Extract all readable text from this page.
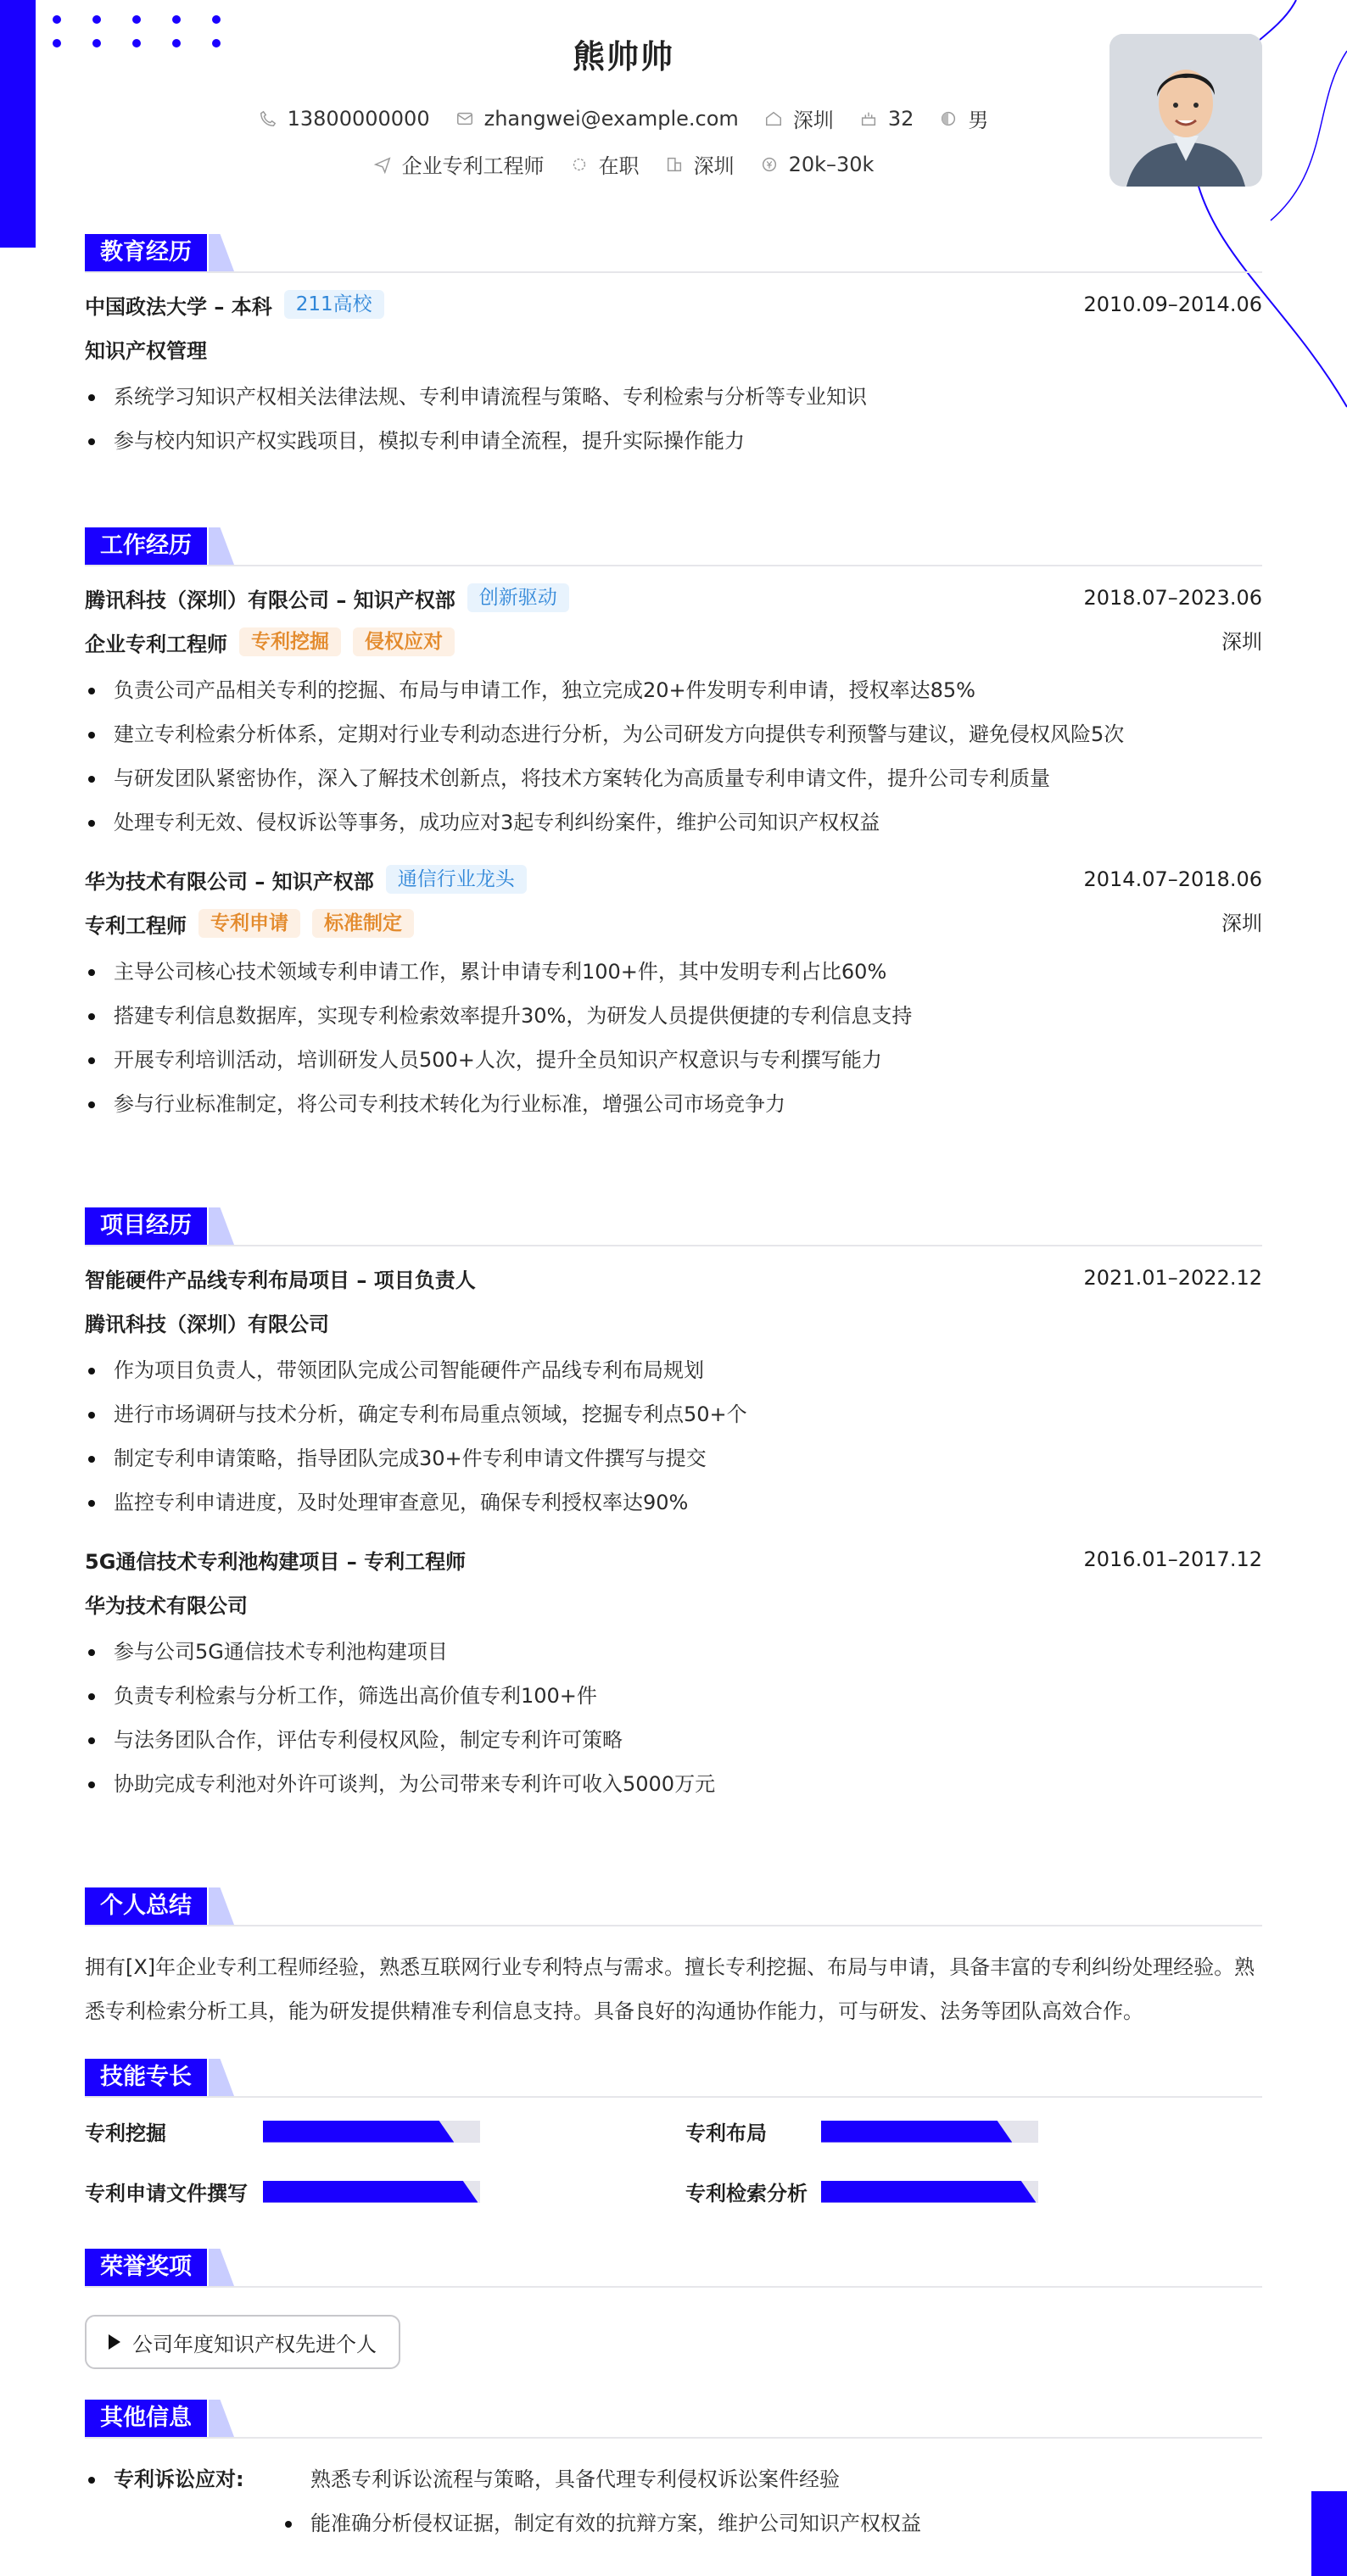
熊帅帅
13800000000	zhangwei@example.com	深圳	32	男
企业专利工程师	在职	深圳	20k–30k
教育经历
中国政法大学 – 本科	211高校	2010.09–2014.06
知识产权管理
系统学习知识产权相关法律法规、专利申请流程与策略、专利检索与分析等专业知识
参与校内知识产权实践项目，模拟专利申请全流程，提升实际操作能力
工作经历
腾讯科技（深圳）有限公司 – 知识产权部	创新驱动	2018.07–2023.06
企业专利工程师	专利挖掘	侵权应对	深圳
负责公司产品相关专利的挖掘、布局与申请工作，独立完成20+件发明专利申请，授权率达85%
建立专利检索分析体系，定期对行业专利动态进行分析，为公司研发方向提供专利预警与建议，避免侵权风险5次
与研发团队紧密协作，深入了解技术创新点，将技术方案转化为高质量专利申请文件，提升公司专利质量
处理专利无效、侵权诉讼等事务，成功应对3起专利纠纷案件，维护公司知识产权权益
华为技术有限公司 – 知识产权部	通信行业龙头	2014.07–2018.06
专利工程师	专利申请	标准制定	深圳
主导公司核心技术领域专利申请工作，累计申请专利100+件，其中发明专利占比60%
搭建专利信息数据库，实现专利检索效率提升30%，为研发人员提供便捷的专利信息支持
开展专利培训活动，培训研发人员500+人次，提升全员知识产权意识与专利撰写能力
参与行业标准制定，将公司专利技术转化为行业标准，增强公司市场竞争力
项目经历
智能硬件产品线专利布局项目 – 项目负责人	2021.01–2022.12
腾讯科技（深圳）有限公司
作为项目负责人，带领团队完成公司智能硬件产品线专利布局规划
进行市场调研与技术分析，确定专利布局重点领域，挖掘专利点50+个
制定专利申请策略，指导团队完成30+件专利申请文件撰写与提交
监控专利申请进度，及时处理审查意见，确保专利授权率达90%
5G通信技术专利池构建项目 – 专利工程师	2016.01–2017.12
华为技术有限公司
参与公司5G通信技术专利池构建项目
负责专利检索与分析工作，筛选出高价值专利100+件
与法务团队合作，评估专利侵权风险，制定专利许可策略
协助完成专利池对外许可谈判，为公司带来专利许可收入5000万元
个人总结
拥有[X]年企业专利工程师经验，熟悉互联网行业专利特点与需求。擅长专利挖掘、布局与申请，具备丰富的专利纠纷处理经验。熟悉专利检索分析工具，能为研发提供精准专利信息支持。具备良好的沟通协作能力，可与研发、法务等团队高效合作。
技能专长
专利挖掘	专利布局
专利申请文件撰写	专利检索分析
荣誉奖项
公司年度知识产权先进个人
其他信息
专利诉讼应对:	熟悉专利诉讼流程与策略，具备代理专利侵权诉讼案件经验
能准确分析侵权证据，制定有效的抗辩方案，维护公司知识产权权益
